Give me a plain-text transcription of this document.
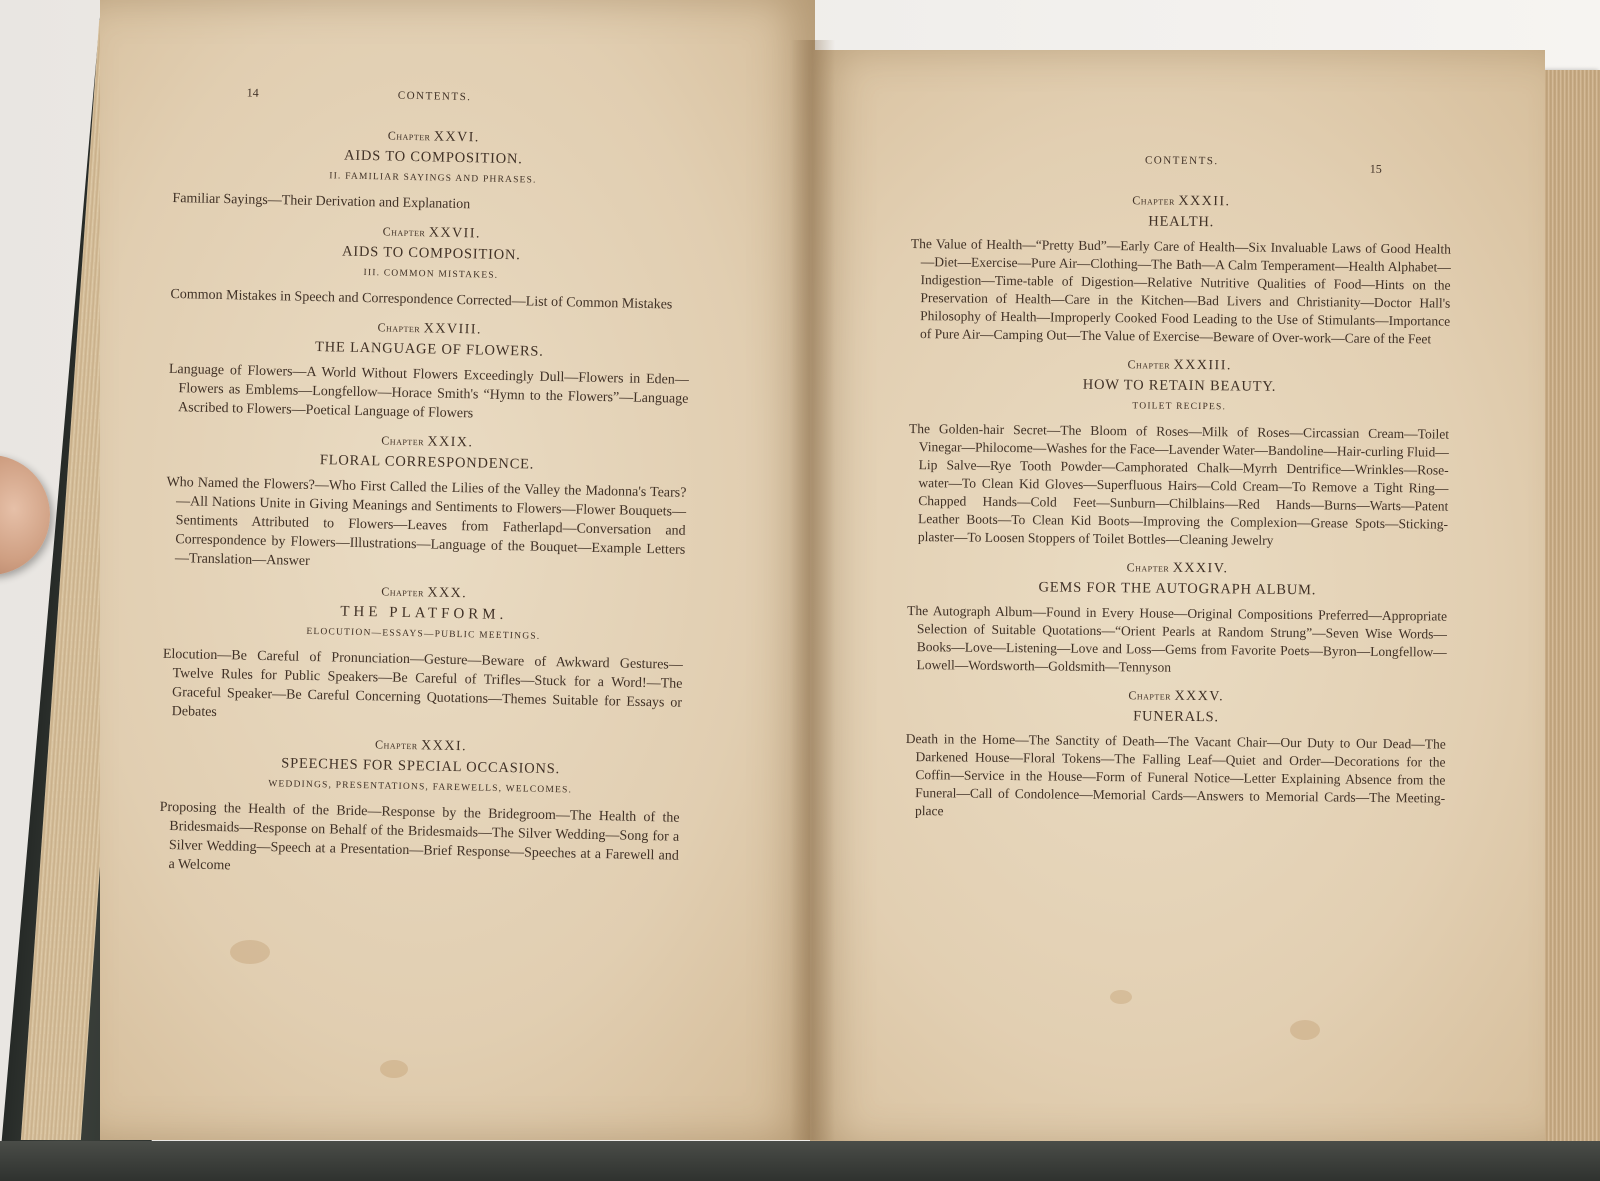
14	CONTENTS.
Chapter XXVI.
AIDS TO COMPOSITION.
II. FAMILIAR SAYINGS AND PHRASES.
Familiar Sayings—Their Derivation and Explanation
Chapter XXVII.
AIDS TO COMPOSITION.
III. COMMON MISTAKES.
Common Mistakes in Speech and Correspondence Corrected—List of Common Mistakes
Chapter XXVIII.
THE LANGUAGE OF FLOWERS.
Language of Flowers—A World Without Flowers Exceedingly Dull—Flowers in Eden—Flowers as Emblems—Longfellow—Horace Smith's “Hymn to the Flowers”—Language Ascribed to Flowers—Poetical Language of Flowers
Chapter XXIX.
FLORAL CORRESPONDENCE.
Who Named the Flowers?—Who First Called the Lilies of the Valley the Madonna's Tears?—All Nations Unite in Giving Meanings and Sentiments to Flowers—Flower Bouquets—Sentiments Attributed to Flowers—Leaves from Fatherlapd—Conversation and Correspondence by Flowers—Illustrations—Language of the Bouquet—Example Letters—Translation—Answer
Chapter XXX.
THE PLATFORM.
ELOCUTION—ESSAYS—PUBLIC MEETINGS.
Elocution—Be Careful of Pronunciation—Gesture—Beware of Awkward Gestures—Twelve Rules for Public Speakers—Be Careful of Trifles—Stuck for a Word!—The Graceful Speaker—Be Careful Concerning Quotations—Themes Suitable for Essays or Debates
Chapter XXXI.
SPEECHES FOR SPECIAL OCCASIONS.
WEDDINGS, PRESENTATIONS, FAREWELLS, WELCOMES.
Proposing the Health of the Bride—Response by the Bridegroom—The Health of the Bridesmaids—Response on Behalf of the Bridesmaids—The Silver Wedding—Song for a Silver Wedding—Speech at a Presentation—Brief Response—Speeches at a Farewell and a Welcome
CONTENTS.
15
Chapter XXXII.
HEALTH.
The Value of Health—“Pretty Bud”—Early Care of Health—Six Invaluable Laws of Good Health—Diet—Exercise—Pure Air—Clothing—The Bath—A Calm Temperament—Health Alphabet—Indigestion—Time-table of Digestion—Relative Nutritive Qualities of Food—Hints on the Preservation of Health—Care in the Kitchen—Bad Livers and Christianity—Doctor Hall's Philosophy of Health—Improperly Cooked Food Leading to the Use of Stimulants—Importance of Pure Air—Camping Out—The Value of Exercise—Beware of Over-work—Care of the Feet
Chapter XXXIII.
HOW TO RETAIN BEAUTY.
TOILET RECIPES.
The Golden-hair Secret—The Bloom of Roses—Milk of Roses—Circassian Cream—Toilet Vinegar—Philocome—Washes for the Face—Lavender Water—Bandoline—Hair-curling Fluid—Lip Salve—Rye Tooth Powder—Camphorated Chalk—Myrrh Dentrifice—Wrinkles—Rose-water—To Clean Kid Gloves—Superfluous Hairs—Cold Cream—To Remove a Tight Ring—Chapped Hands—Cold Feet—Sunburn—Chilblains—Red Hands—Burns—Warts—Patent Leather Boots—To Clean Kid Boots—Improving the Complexion—Grease Spots—Sticking-plaster—To Loosen Stoppers of Toilet Bottles—Cleaning Jewelry
Chapter XXXIV.
GEMS FOR THE AUTOGRAPH ALBUM.
The Autograph Album—Found in Every House—Original Compositions Preferred—Appropriate Selection of Suitable Quotations—“Orient Pearls at Random Strung”—Seven Wise Words—Books—Love—Listening—Love and Loss—Gems from Favorite Poets—Byron—Longfellow—Lowell—Wordsworth—Goldsmith—Tennyson
Chapter XXXV.
FUNERALS.
Death in the Home—The Sanctity of Death—The Vacant Chair—Our Duty to Our Dead—The Darkened House—Floral Tokens—The Falling Leaf—Quiet and Order—Decorations for the Coffin—Service in the House—Form of Funeral Notice—Letter Explaining Absence from the Funeral—Call of Condolence—Memorial Cards—Answers to Memorial Cards—The Meeting-place
